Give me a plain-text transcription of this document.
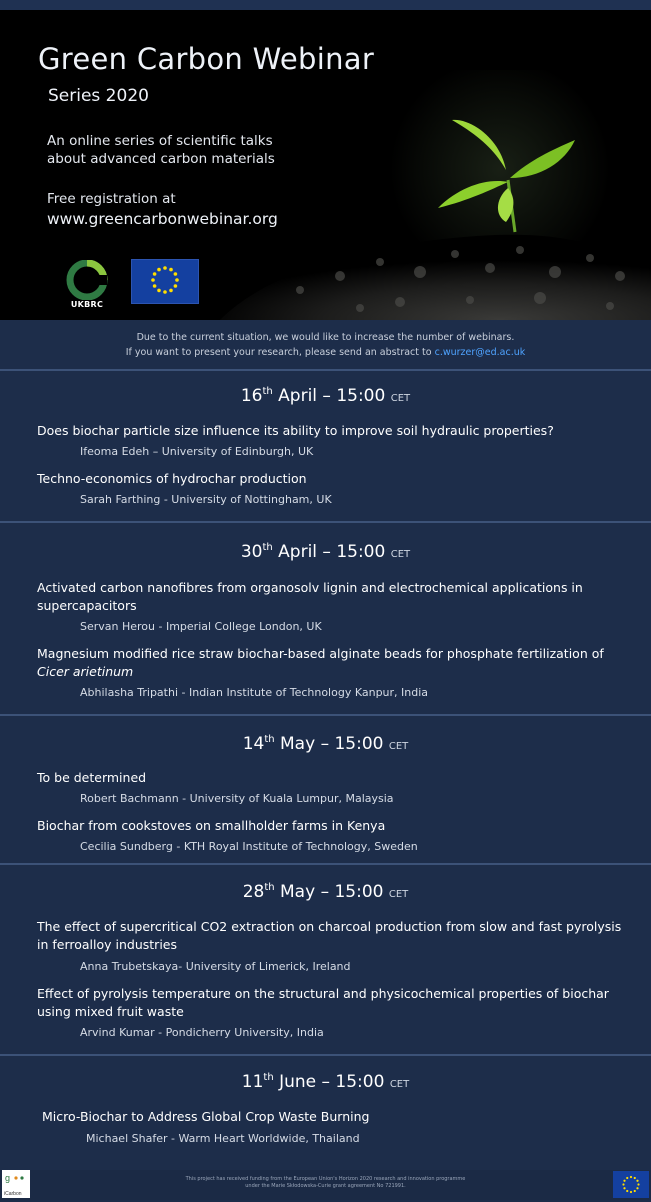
Green Carbon Webinar
Series 2020
An online series of scientific talks
about advanced carbon materials
Free registration at
www.greencarbonwebinar.org
UKBRC
Due to the current situation, we would like to increase the number of webinars.
If you want to present your research, please send an abstract to c.wurzer@ed.ac.uk
16th April – 15:00 CET
Does biochar particle size influence its ability to improve soil hydraulic properties?
Ifeoma Edeh – University of Edinburgh, UK
Techno-economics of hydrochar production
Sarah Farthing - University of Nottingham, UK
30th April – 15:00 CET
Activated carbon nanofibres from organosolv lignin and electrochemical applications in supercapacitors
Servan Herou - Imperial College London, UK
Magnesium modified rice straw biochar-based alginate beads for phosphate fertilization of
Cicer arietinum
Abhilasha Tripathi - Indian Institute of Technology Kanpur, India
14th May – 15:00 CET
To be determined
Robert Bachmann - University of Kuala Lumpur, Malaysia
Biochar from cookstoves on smallholder farms in Kenya
Cecilia Sundberg - KTH Royal Institute of Technology, Sweden
28th May – 15:00 CET
The effect of supercritical CO2 extraction on charcoal production from slow and fast pyrolysis in ferroalloy industries
Anna Trubetskaya- University of Limerick, Ireland
Effect of pyrolysis temperature on the structural and physicochemical properties of biochar using mixed fruit waste
Arvind Kumar - Pondicherry University, India
11th June – 15:00 CET
Micro-Biochar to Address Global Crop Waste Burning
Michael Shafer - Warm Heart Worldwide, Thailand
g
iCarbon
This project has received funding from the European Union's Horizon 2020 research and innovation programme
under the Marie Skłodowska-Curie grant agreement No 721991.
